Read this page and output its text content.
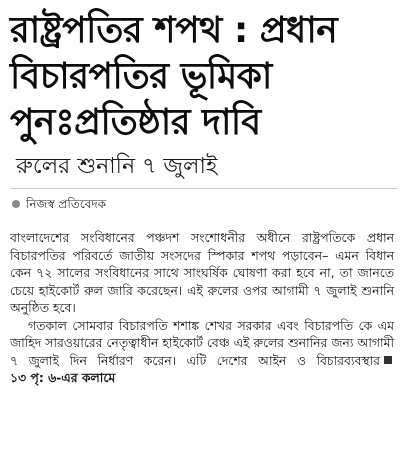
রাষ্ট্রপতির শপথ : প্রধান
বিচারপতির ভূমিকা
পুনঃপ্রতিষ্ঠার দাবি
রুলের শুনানি ৭ জুলাই
নিজস্ব প্রতিবেদক

বাংলাদেশের সংবিধানের পঞ্চদশ সংশোধনীর অধীনে রাষ্ট্রপতিকে প্রধান বিচারপতির পরিবর্তে জাতীয় সংসদের স্পিকার শপথ পড়াবেন– এমন বিধান কেন ৭২ সালের সংবিধানের সাথে সাংঘর্ষিক ঘোষণা করা হবে না, তা জানতে চেয়ে হাইকোর্ট রুল জারি করেছেন। এই রুলের ওপর আগামী ৭ জুলাই শুনানি অনুষ্ঠিত হবে।

গতকাল সোমবার বিচারপতি শশাঙ্ক শেখর সরকার এবং বিচারপতি কে এম জাহিদ সারওয়ারের নেতৃত্বাধীন হাইকোর্ট বেঞ্চ এই রুলের শুনানির জন্য আগামী ৭ জুলাই দিন নির্ধারণ করেন। এটি দেশের আইন ও বিচারব্যবস্থার১৩ পৃ: ৬-এর কলামে
